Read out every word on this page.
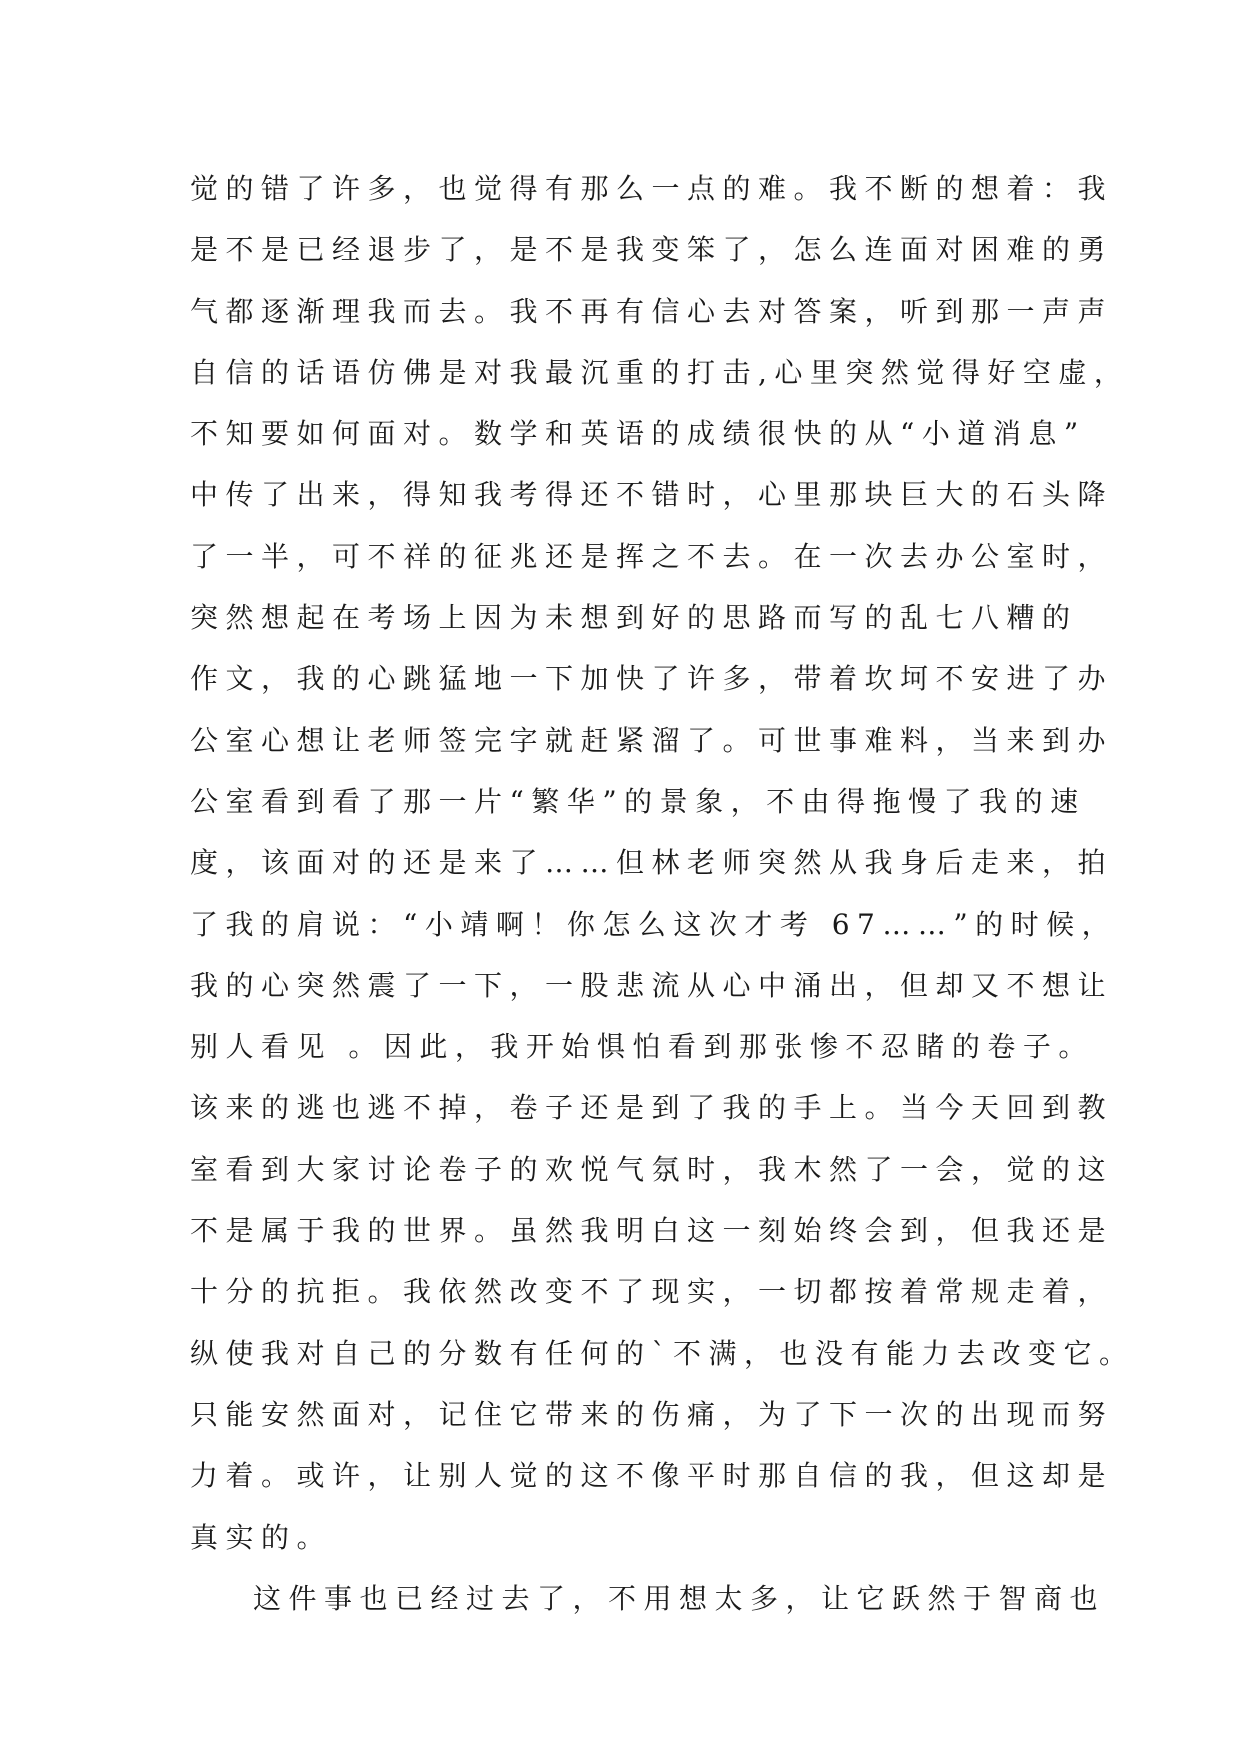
觉的错了许多，也觉得有那么一点的难。我不断的想着：我
是不是已经退步了，是不是我变笨了，怎么连面对困难的勇
气都逐渐理我而去。我不再有信心去对答案，听到那一声声
自信的话语仿佛是对我最沉重的打击,心里突然觉得好空虚，
不知要如何面对。数学和英语的成绩很快的从“小道消息”
中传了出来，得知我考得还不错时，心里那块巨大的石头降
了一半，可不祥的征兆还是挥之不去。在一次去办公室时，
突然想起在考场上因为未想到好的思路而写的乱七八糟的
作文，我的心跳猛地一下加快了许多，带着坎坷不安进了办
公室心想让老师签完字就赶紧溜了。可世事难料，当来到办
公室看到看了那一片“繁华”的景象，不由得拖慢了我的速
度，该面对的还是来了……但林老师突然从我身后走来，拍
了我的肩说：“小靖啊！你怎么这次才考 67……”的时候，
我的心突然震了一下，一股悲流从心中涌出，但却又不想让
别人看见 。因此，我开始惧怕看到那张惨不忍睹的卷子。
该来的逃也逃不掉，卷子还是到了我的手上。当今天回到教
室看到大家讨论卷子的欢悦气氛时，我木然了一会，觉的这
不是属于我的世界。虽然我明白这一刻始终会到，但我还是
十分的抗拒。我依然改变不了现实，一切都按着常规走着，
纵使我对自己的分数有任何的`不满，也没有能力去改变它。
只能安然面对，记住它带来的伤痛，为了下一次的出现而努
力着。或许，让别人觉的这不像平时那自信的我，但这却是
真实的。
这件事也已经过去了，不用想太多，让它跃然于智商也
